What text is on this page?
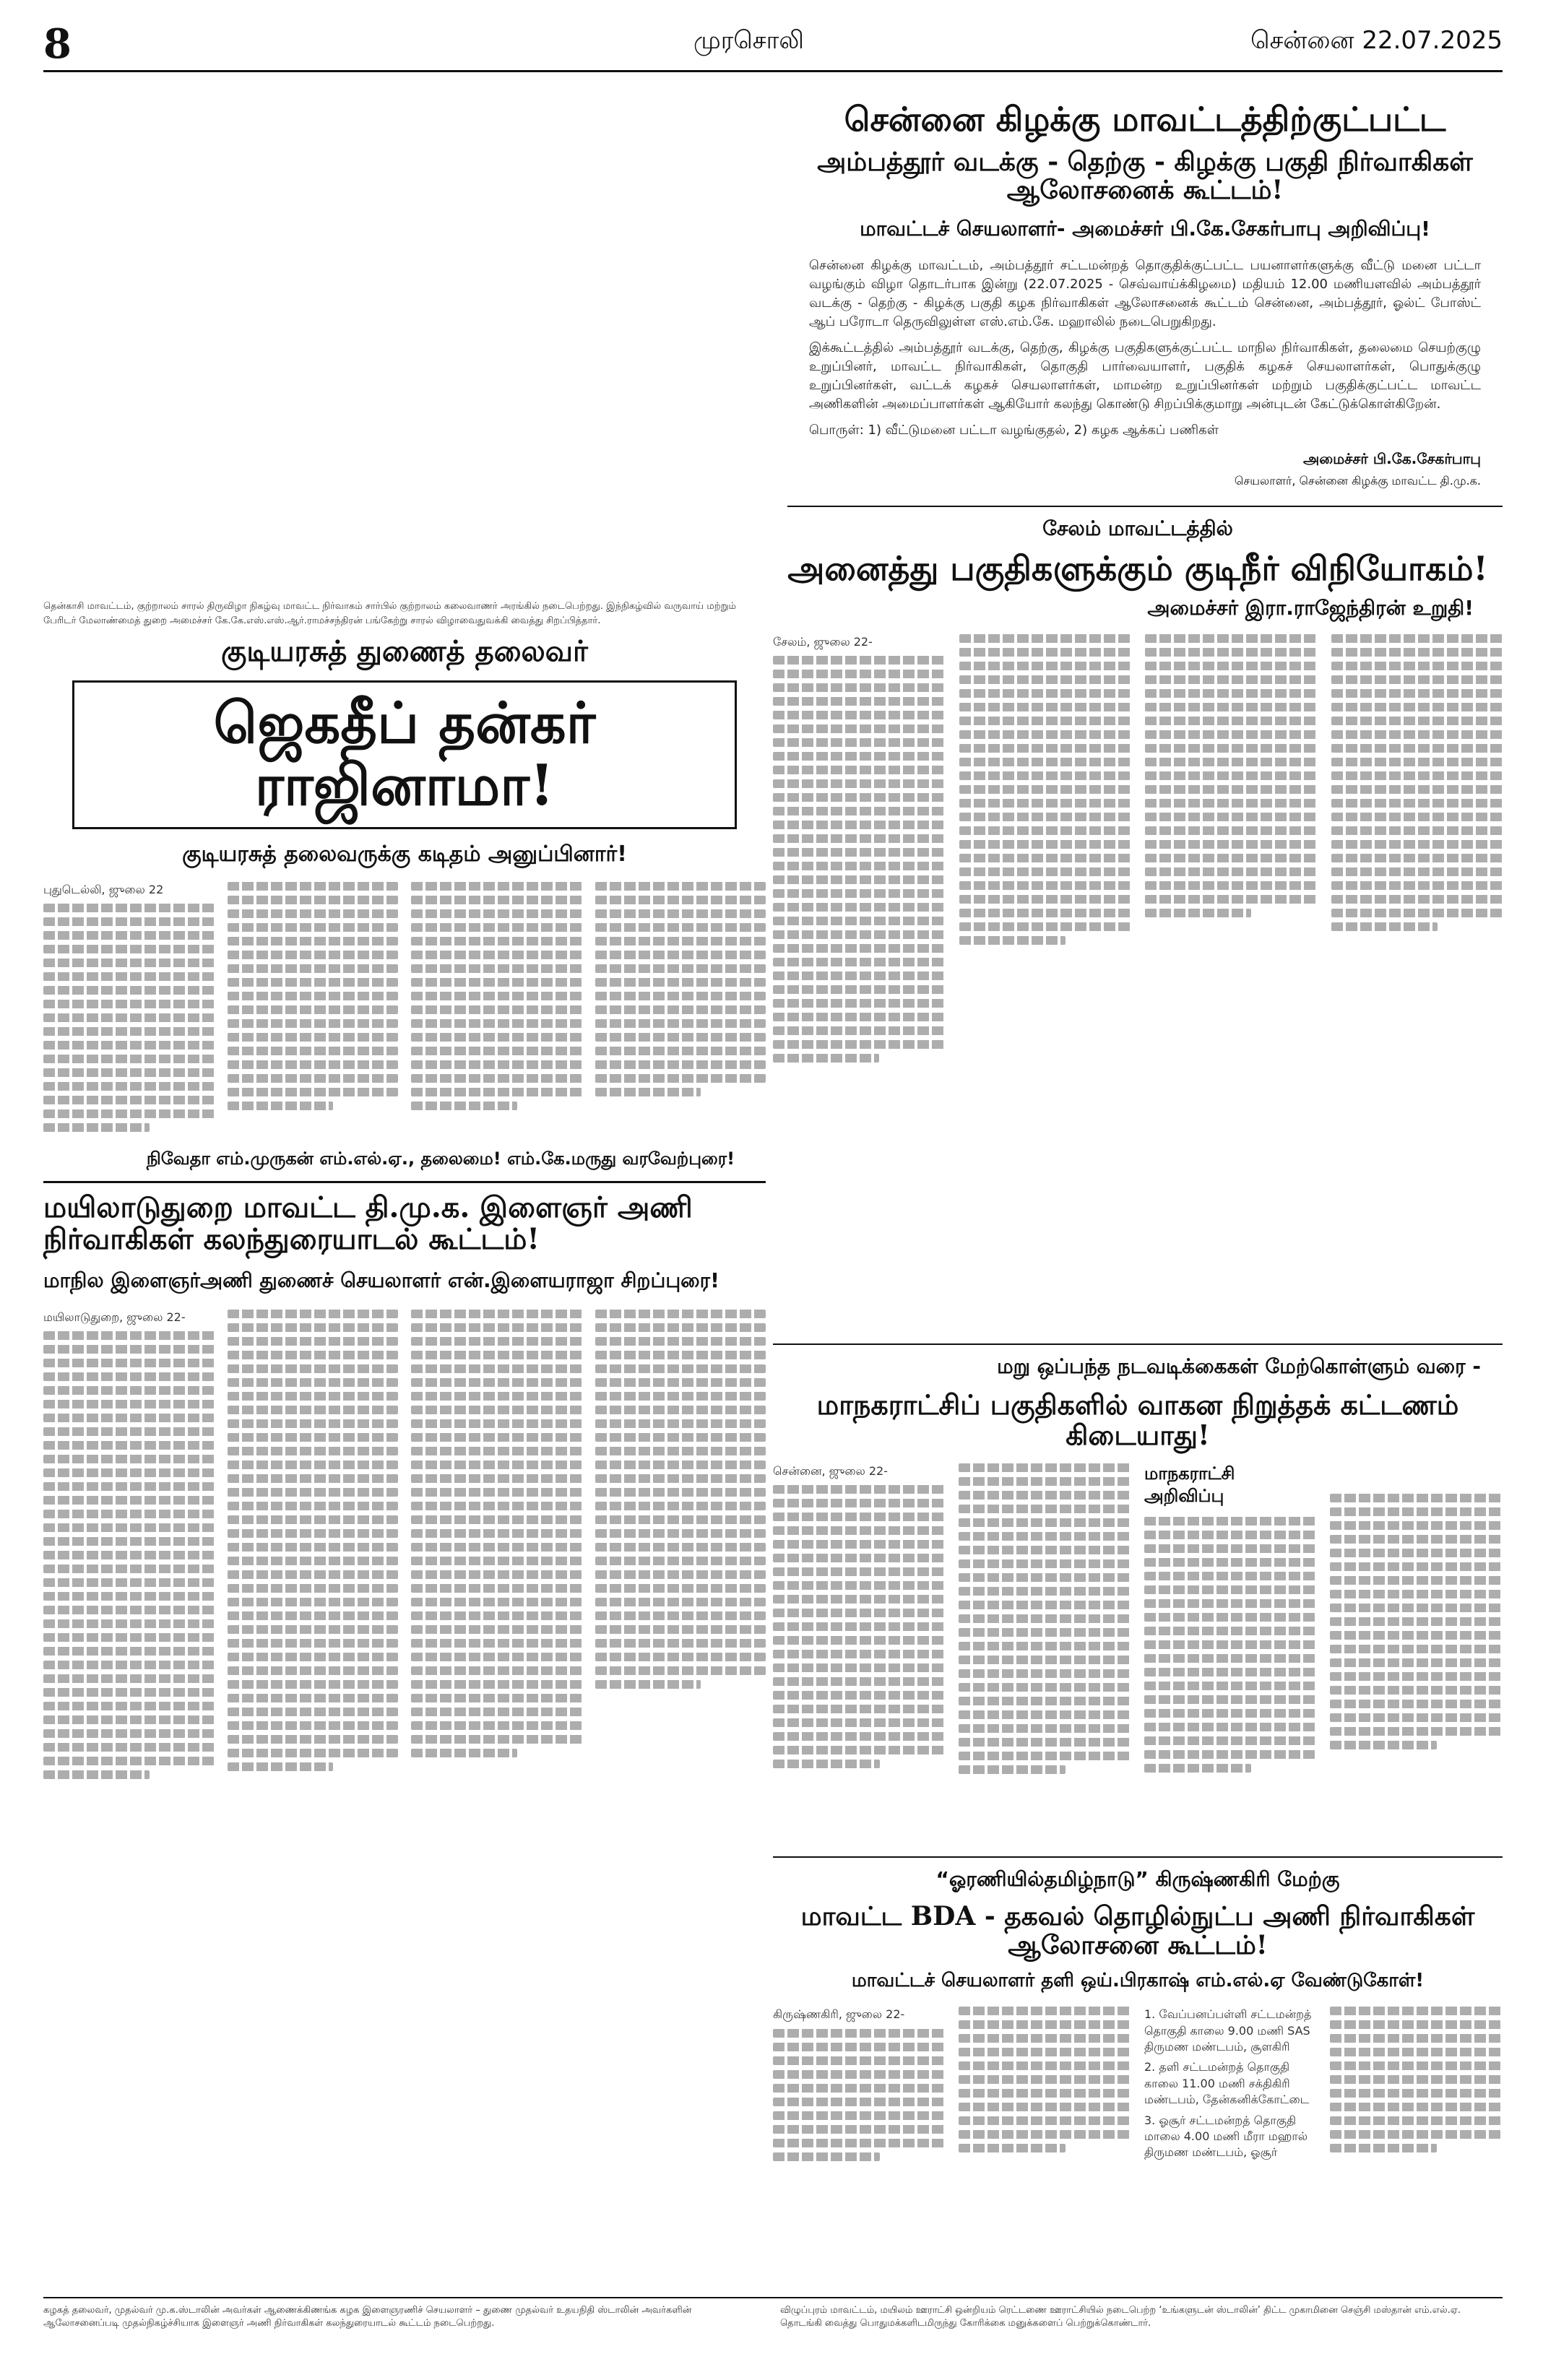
8	முரசொலி	சென்னை 22.07.2025
சென்னை கிழக்கு மாவட்டத்திற்குட்பட்ட
அம்பத்தூர் வடக்கு - தெற்கு - கிழக்கு பகுதி நிர்வாகிகள் ஆலோசனைக் கூட்டம்!
மாவட்டச் செயலாளர்- அமைச்சர் பி.கே.சேகர்பாபு அறிவிப்பு!
சென்னை கிழக்கு மாவட்டம், அம்பத்தூர் சட்டமன்றத் தொகுதிக்குட்பட்ட பயனாளர்களுக்கு வீட்டு மனை பட்டா வழங்கும் விழா தொடர்பாக இன்று (22.07.2025 - செவ்வாய்க்கிழமை) மதியம் 12.00 மணியளவில் அம்பத்தூர் வடக்கு - தெற்கு - கிழக்கு பகுதி கழக நிர்வாகிகள் ஆலோசனைக் கூட்டம் சென்னை, அம்பத்தூர், ஓல்ட் போஸ்ட் ஆப் பரோடா தெருவிலுள்ள எஸ்.எம்.கே. மஹாலில் நடைபெறுகிறது.
இக்கூட்டத்தில் அம்பத்தூர் வடக்கு, தெற்கு, கிழக்கு பகுதிகளுக்குட்பட்ட மாநில நிர்வாகிகள், தலைமை செயற்குழு உறுப்பினர், மாவட்ட நிர்வாகிகள், தொகுதி பார்வையாளர், பகுதிக் கழகச் செயலாளர்கள், பொதுக்குழு உறுப்பினர்கள், வட்டக் கழகச் செயலாளர்கள், மாமன்ற உறுப்பினர்கள் மற்றும் பகுதிக்குட்பட்ட மாவட்ட அணிகளின் அமைப்பாளர்கள் ஆகியோர் கலந்து கொண்டு சிறப்பிக்குமாறு அன்புடன் கேட்டுக்கொள்கிறேன்.
பொருள்: 1) வீட்டுமனை பட்டா வழங்குதல், 2) கழக ஆக்கப் பணிகள்
அமைச்சர் பி.கே.சேகர்பாபு
செயலாளர், சென்னை கிழக்கு மாவட்ட தி.மு.க.
சேலம் மாவட்டத்தில்
அனைத்து பகுதிகளுக்கும் குடிநீர் விநியோகம்!
அமைச்சர் இரா.ராஜேந்திரன் உறுதி!
சேலம், ஜுலை 22-
தென்காசி மாவட்டம், குற்றாலம் சாரல் திருவிழா நிகழ்வு மாவட்ட நிர்வாகம் சார்பில் குற்றாலம் கலைவாணர் அரங்கில் நடைபெற்றது. இந்நிகழ்வில் வருவாய் மற்றும் பேரிடர் மேலாண்மைத் துறை அமைச்சர் கே.கே.எஸ்.எஸ்.ஆர்.ராமச்சந்திரன் பங்கேற்று சாரல் விழாவைதுவக்கி வைத்து சிறப்பித்தார்.
குடியரசுத் துணைத் தலைவர்
ஜெகதீப் தன்கர் ராஜினாமா!
குடியரசுத் தலைவருக்கு கடிதம் அனுப்பினார்!
புதுடெல்லி, ஜுலை 22
நிவேதா எம்.முருகன் எம்.எல்.ஏ., தலைமை! எம்.கே.மருது வரவேற்புரை!
மயிலாடுதுறை மாவட்ட தி.மு.க. இளைஞர் அணி நிர்வாகிகள் கலந்துரையாடல் கூட்டம்!
மாநில இளைஞர்அணி துணைச் செயலாளர் என்.இளையராஜா சிறப்புரை!
மயிலாடுதுறை, ஜுலை 22-
மறு ஒப்பந்த நடவடிக்கைகள் மேற்கொள்ளும் வரை -
மாநகராட்சிப் பகுதிகளில் வாகன நிறுத்தக் கட்டணம் கிடையாது!
சென்னை, ஜுலை 22-	மாநகராட்சி அறிவிப்பு
“ஓரணியில்தமிழ்நாடு” கிருஷ்ணகிரி மேற்கு
மாவட்ட BDA - தகவல் தொழில்நுட்ப அணி நிர்வாகிகள் ஆலோசனை கூட்டம்!
மாவட்டச் செயலாளர் தளி ஒய்.பிரகாஷ் எம்.எல்.ஏ வேண்டுகோள்!
கிருஷ்ணகிரி, ஜுலை 22-	1. வேப்பனப்பள்ளி சட்டமன்றத் தொகுதி காலை 9.00 மணி SAS திருமண மண்டபம், சூளகிரி
2. தளி சட்டமன்றத் தொகுதி காலை 11.00 மணி சக்திகிரி மண்டபம், தேன்கனிக்கோட்டை
3. ஓசூர் சட்டமன்றத் தொகுதி மாலை 4.00 மணி மீரா மஹால் திருமண மண்டபம், ஓசூர்
கழகத் தலைவர், முதல்வர் மு.க.ஸ்டாலின் அவர்கள் ஆணைக்கிணங்க கழக இளைஞரணிச் செயலாளர் – துணை முதல்வர் உதயநிதி ஸ்டாலின் அவர்களின் ஆலோசனைப்படி முதல்நிகழ்ச்சியாக இளைஞர் அணி நிர்வாகிகள் கலந்துரையாடல் கூட்டம் நடைபெற்றது.
விழுப்புரம் மாவட்டம், மயிலம் ஊராட்சி ஒன்றியம் ரெட்டணை ஊராட்சியில் நடைபெற்ற ‘உங்களுடன் ஸ்டாலின்’ திட்ட முகாமினை செஞ்சி மஸ்தான் எம்.எல்.ஏ. தொடங்கி வைத்து பொதுமக்களிடமிருந்து கோரிக்கை மனுக்களைப் பெற்றுக்கொண்டார்.
